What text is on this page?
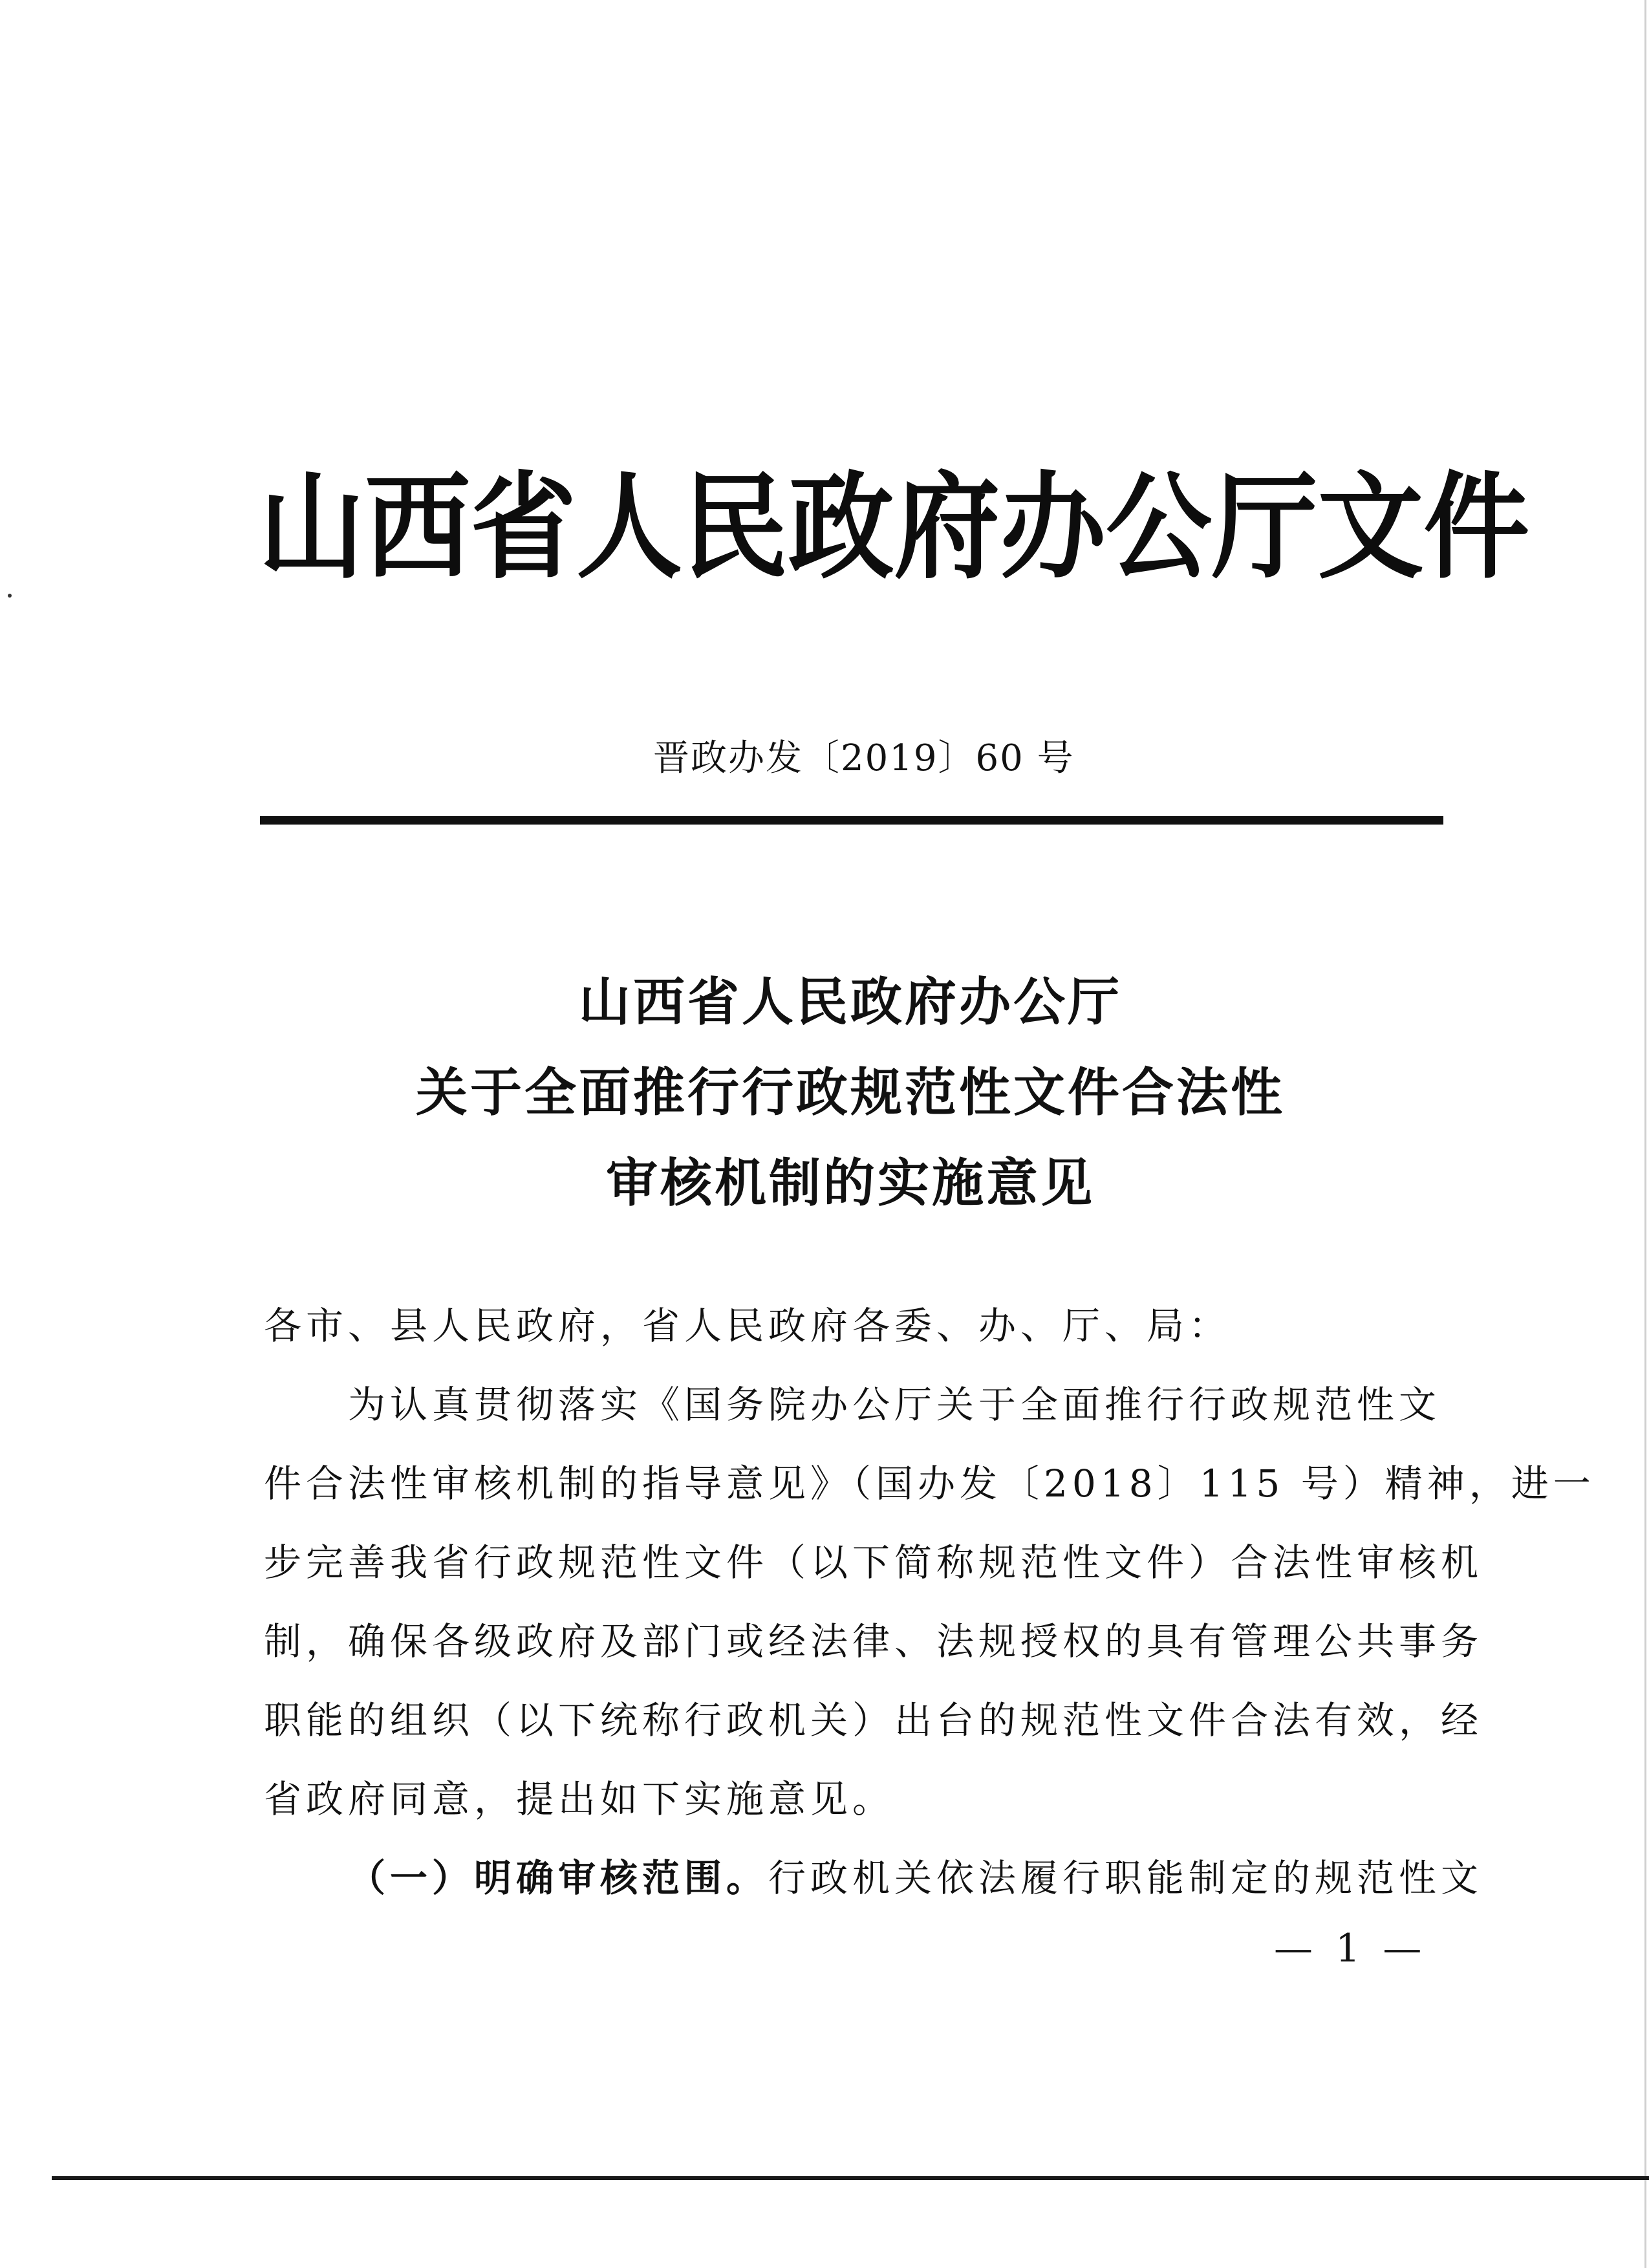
山西省人民政府办公厅文件
晋政办发〔2019〕60 号
山西省人民政府办公厅
关于全面推行行政规范性文件合法性
审核机制的实施意见
各市、县人民政府，省人民政府各委、办、厅、局：
为认真贯彻落实《国务院办公厅关于全面推行行政规范性文
件合法性审核机制的指导意见》（国办发〔2018〕115 号）精神，进一
步完善我省行政规范性文件（以下简称规范性文件）合法性审核机
制，确保各级政府及部门或经法律、法规授权的具有管理公共事务
职能的组织（以下统称行政机关）出台的规范性文件合法有效，经
省政府同意，提出如下实施意见。
（一）明确审核范围。行政机关依法履行职能制定的规范性文
— 1 —
